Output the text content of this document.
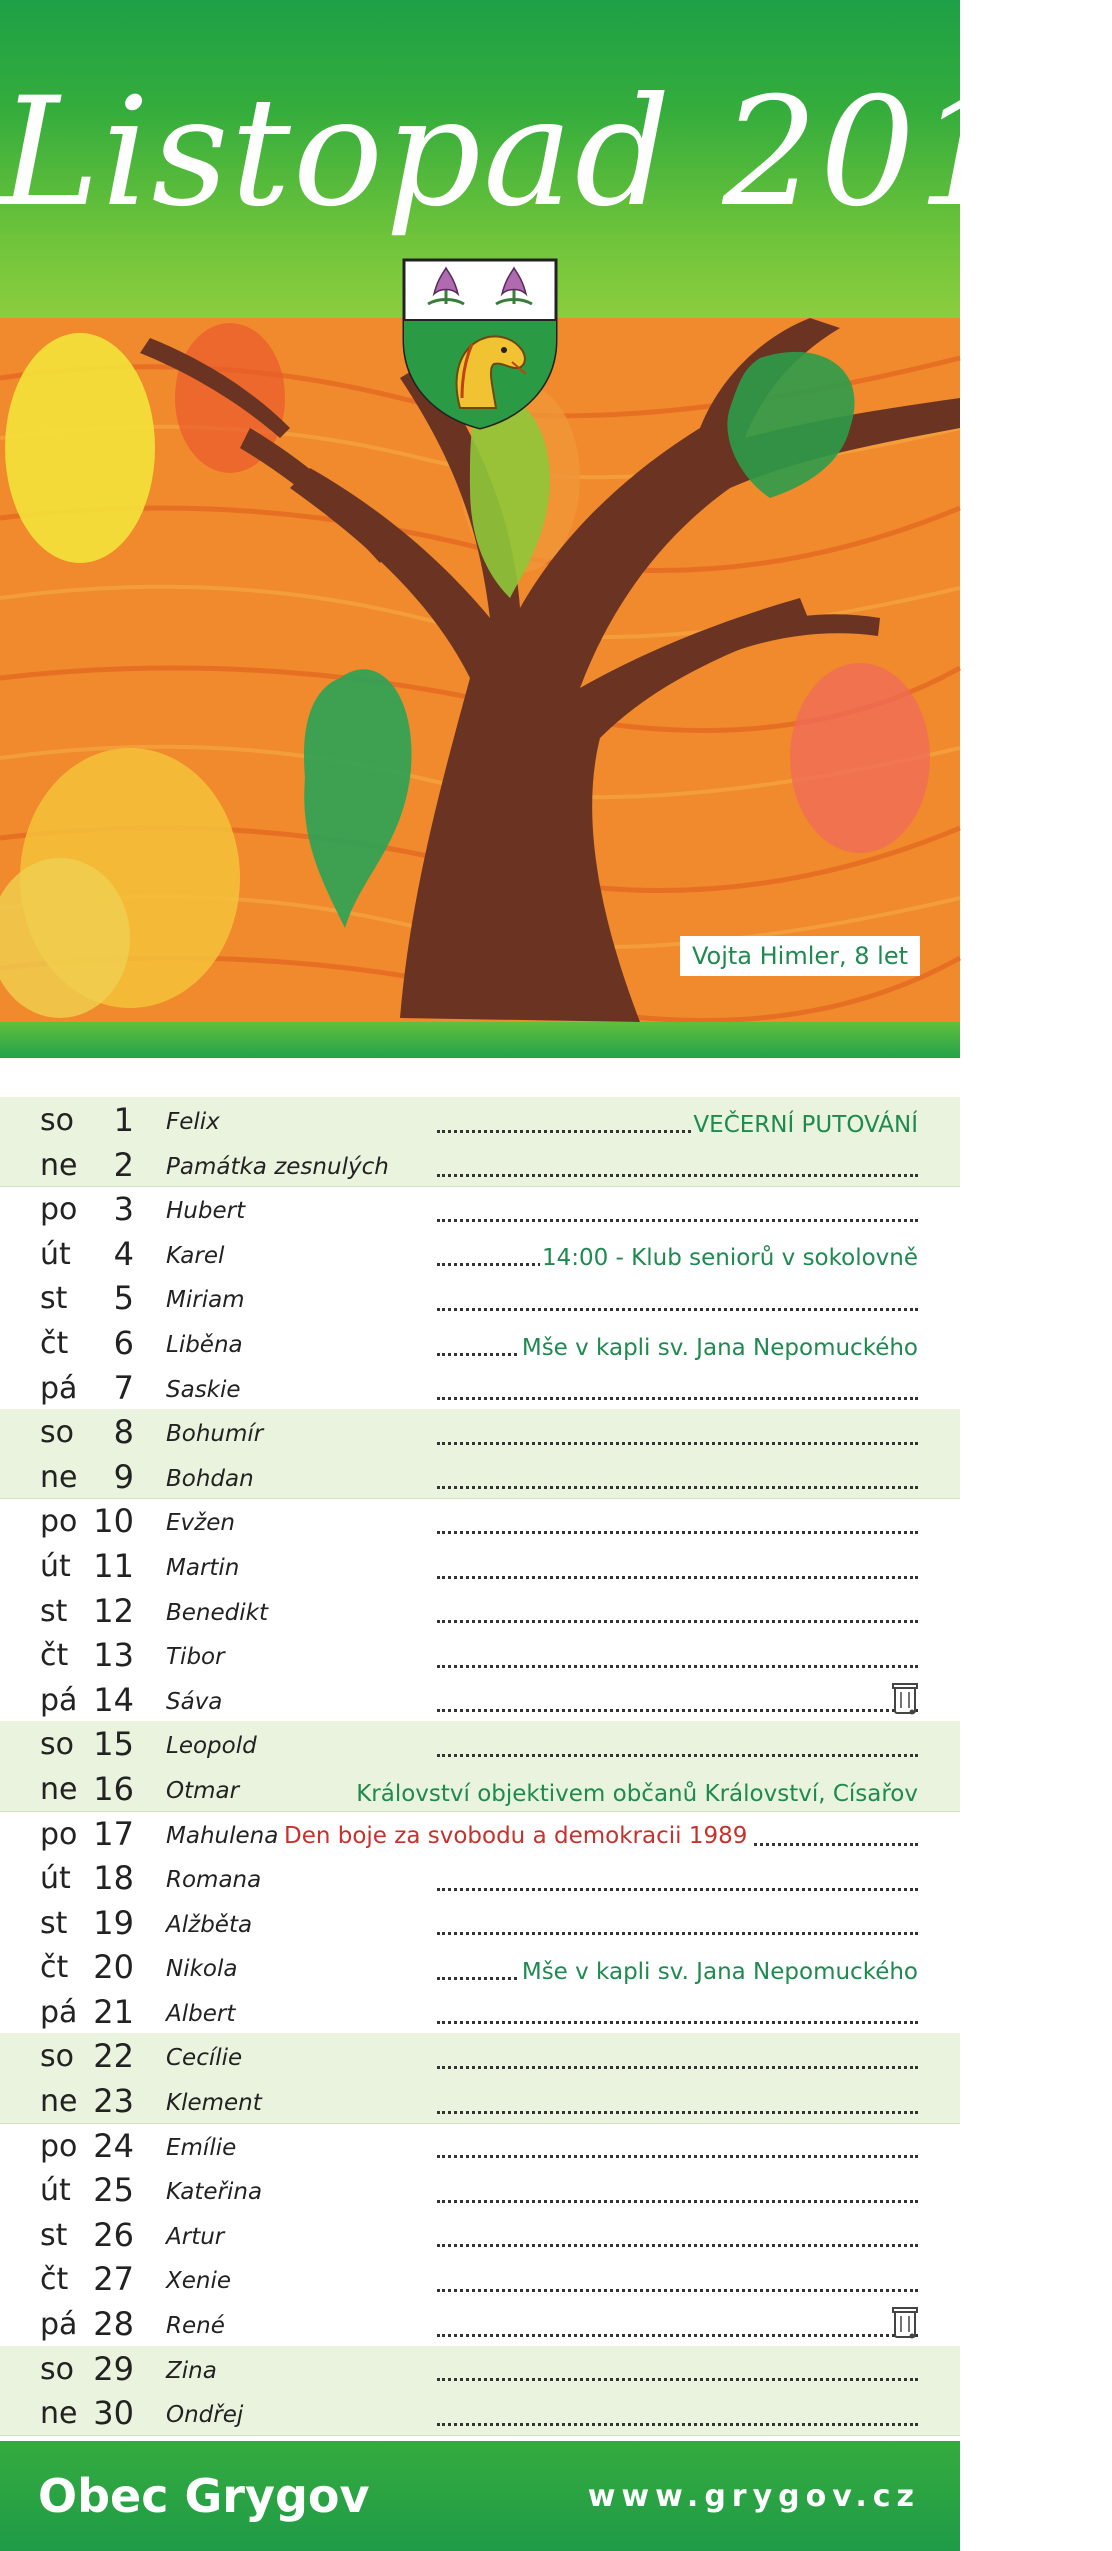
Listopad 2014
Vojta Himler, 8 let
so	1 Felix	VEČERNÍ PUTOVÁNÍ
ne	2 Památka zesnulých
po	3 Hubert
út	4 Karel	14:00 - Klub seniorů v sokolovně
st	5 Miriam
čt	6 Liběna	Mše v kapli sv. Jana Nepomuckého
pá	7 Saskie
so	8 Bohumír
ne	9 Bohdan
po 10 Evžen
út 11 Martin
st 12 Benedikt
čt 13 Tibor
pá 14 Sáva
so 15 Leopold
ne 16 Otmar	Království objektivem občanů Království, Císařov
po 17 Mahulena Den boje za svobodu a demokracii 1989
út 18 Romana
st 19 Alžběta
čt 20 Nikola	Mše v kapli sv. Jana Nepomuckého
pá 21 Albert
so 22 Cecílie
ne 23 Klement
po 24 Emílie
út 25 Kateřina
st 26 Artur
čt 27 Xenie
pá 28 René
so 29 Zina
ne 30 Ondřej
Obec Grygov	www.grygov.cz
